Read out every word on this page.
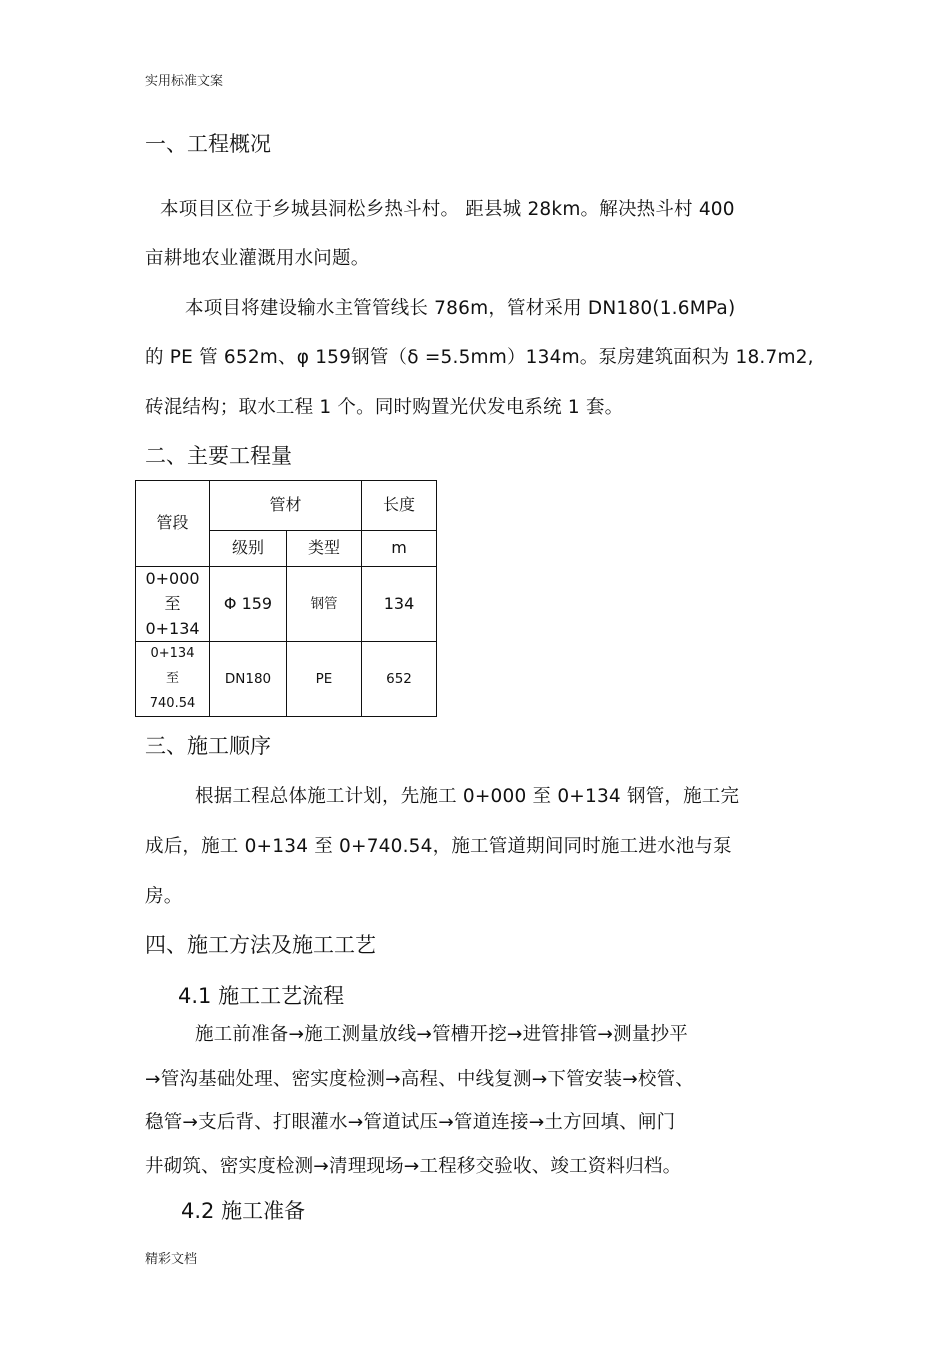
实用标准文案
一、工程概况
本项目区位于乡城县洞松乡热斗村。 距县城 28km。解决热斗村 400
亩耕地农业灌溉用水问题。
本项目将建设输水主管管线长 786m，管材采用 DN180(1.6MPa)
的 PE 管 652m、φ 159钢管（δ =5.5mm）134m。泵房建筑面积为 18.7m2,
砖混结构；取水工程 1 个。同时购置光伏发电系统 1 套。
二、主要工程量
管段	管材		长度
	级别	类型	m

0+000
至
0+134	Φ 159	钢管	134

0+134
至
740.54	DN180	PE	652
三、施工顺序
根据工程总体施工计划，先施工 0+000 至 0+134 钢管，施工完
成后，施工 0+134 至 0+740.54，施工管道期间同时施工进水池与泵
房。
四、施工方法及施工工艺
4.1 施工工艺流程
施工前准备→施工测量放线→管槽开挖→进管排管→测量抄平
→管沟基础处理、密实度检测→高程、中线复测→下管安装→校管、
稳管→支后背、打眼灌水→管道试压→管道连接→土方回填、闸门
井砌筑、密实度检测→清理现场→工程移交验收、竣工资料归档。
4.2 施工准备
精彩文档
